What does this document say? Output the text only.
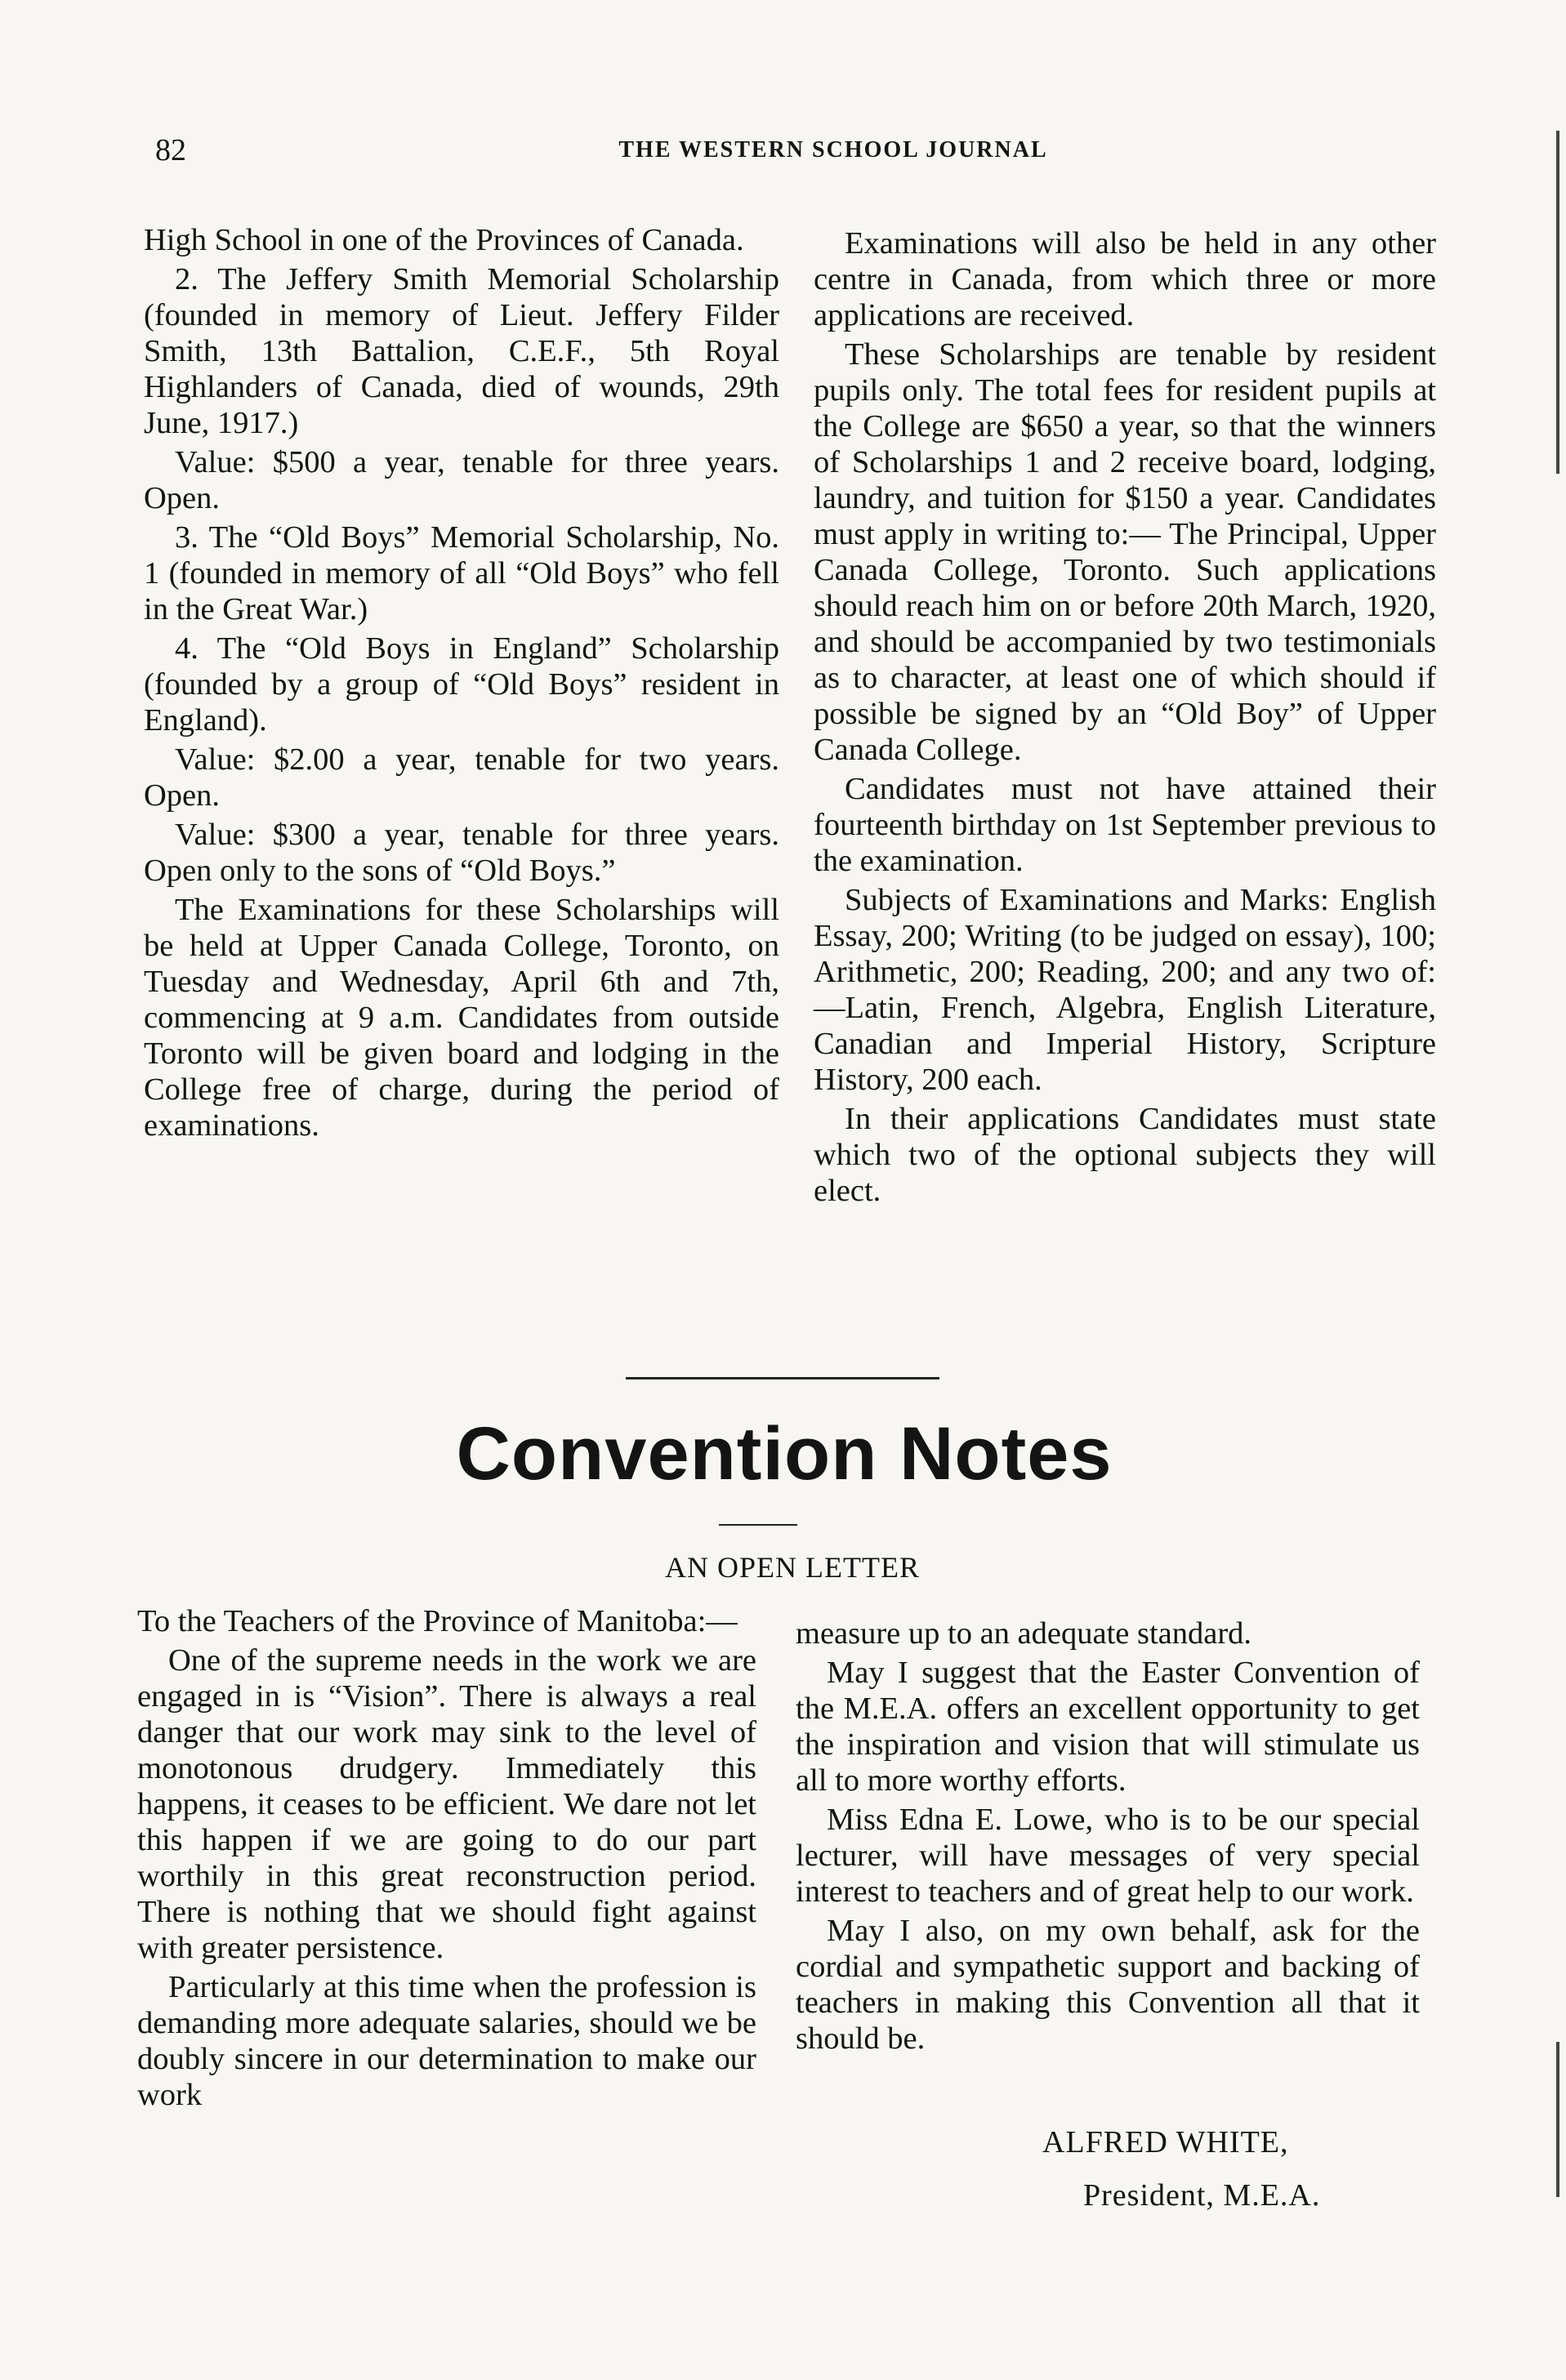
82	THE WESTERN SCHOOL JOURNAL

High School in one of the Provinces of Canada.

2. The Jeffery Smith Memorial Scholarship (founded in memory of Lieut. Jeffery Filder Smith, 13th Battalion, C.E.F., 5th Royal Highlanders of Canada, died of wounds, 29th June, 1917.)

Value: $500 a year, tenable for three years. Open.

3. The “Old Boys” Memorial Scholarship, No. 1 (founded in memory of all “Old Boys” who fell in the Great War.)

4. The “Old Boys in England” Scholarship (founded by a group of “Old Boys” resident in England).

Value: $2.00 a year, tenable for two years. Open.

Value: $300 a year, tenable for three years. Open only to the sons of “Old Boys.”

The Examinations for these Scholarships will be held at Upper Canada College, Toronto, on Tuesday and Wednesday, April 6th and 7th, commencing at 9 a.m. Candidates from outside Toronto will be given board and lodging in the College free of charge, during the period of examinations.

Examinations will also be held in any other centre in Canada, from which three or more applications are received.

These Scholarships are tenable by resident pupils only. The total fees for resident pupils at the College are $650 a year, so that the winners of Scholarships 1 and 2 receive board, lodging, laundry, and tuition for $150 a year. Candidates must apply in writing to:— The Principal, Upper Canada College, Toronto. Such applications should reach him on or before 20th March, 1920, and should be accompanied by two testimonials as to character, at least one of which should if possible be signed by an “Old Boy” of Upper Canada College.

Candidates must not have attained their fourteenth birthday on 1st September previous to the examination.

Subjects of Examinations and Marks: English Essay, 200; Writing (to be judged on essay), 100; Arithmetic, 200; Reading, 200; and any two of:—Latin, French, Algebra, English Literature, Canadian and Imperial History, Scripture History, 200 each.

In their applications Candidates must state which two of the optional subjects they will elect.

Convention Notes
AN OPEN LETTER

To the Teachers of the Province of Manitoba:—

One of the supreme needs in the work we are engaged in is “Vision”. There is always a real danger that our work may sink to the level of monotonous drudgery. Immediately this happens, it ceases to be efficient. We dare not let this happen if we are going to do our part worthily in this great reconstruction period. There is nothing that we should fight against with greater persistence.

Particularly at this time when the profession is demanding more adequate salaries, should we be doubly sincere in our determination to make our work

measure up to an adequate standard.

May I suggest that the Easter Convention of the M.E.A. offers an excellent opportunity to get the inspiration and vision that will stimulate us all to more worthy efforts.

Miss Edna E. Lowe, who is to be our special lecturer, will have messages of very special interest to teachers and of great help to our work.

May I also, on my own behalf, ask for the cordial and sympathetic support and backing of teachers in making this Convention all that it should be.

ALFRED WHITE,
President, M.E.A.
